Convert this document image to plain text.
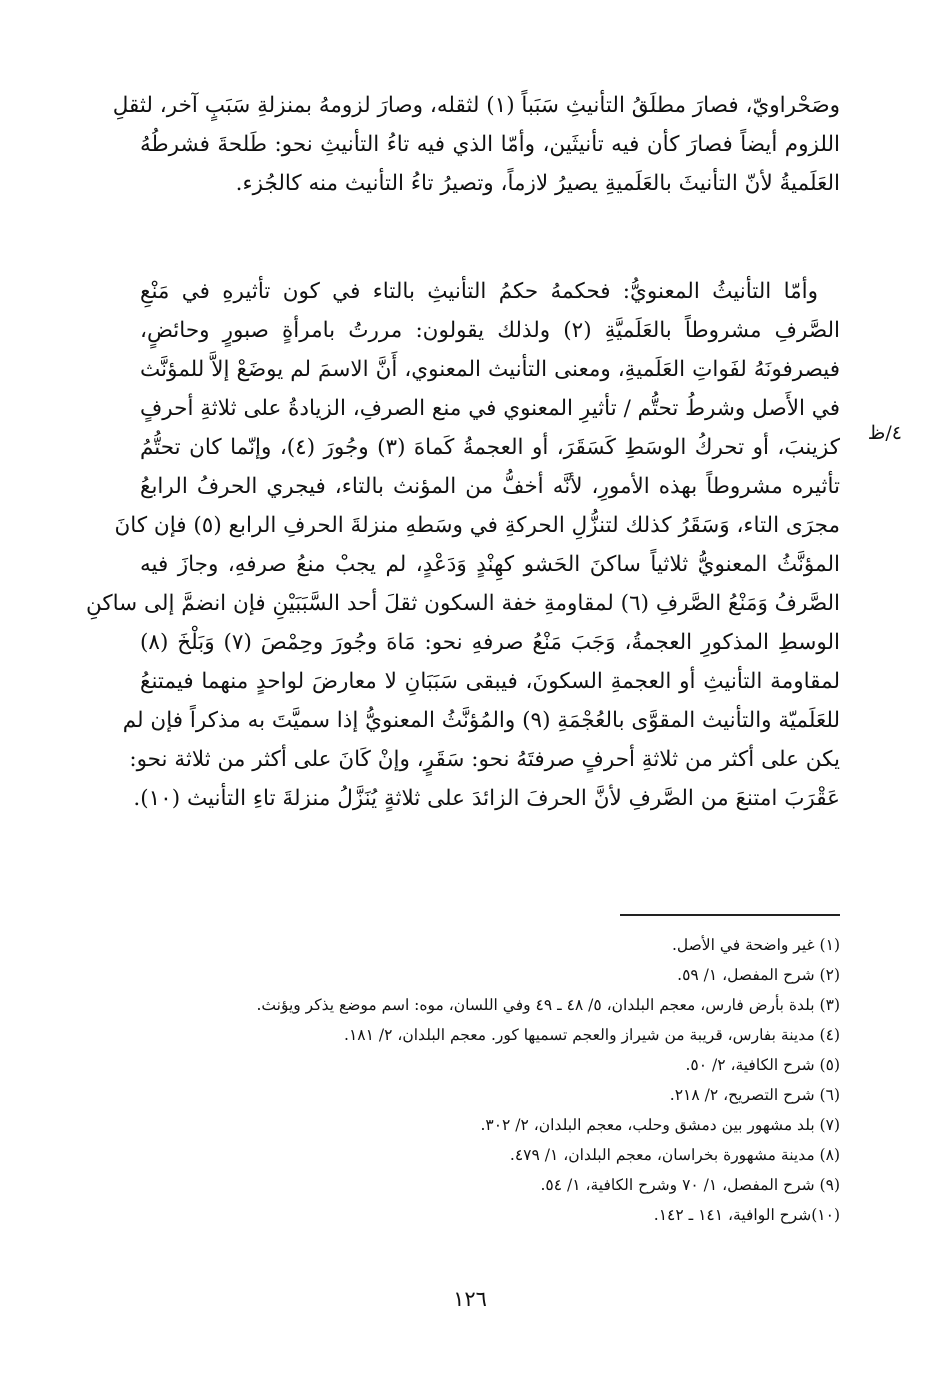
وصَحْراويّ، فصارَ مطلَقُ التأنيثِ سَبَباً (١) لثقله، وصارَ لزومهُ بمنزلةِ سَبَبٍ آخر، لثقلِ
اللزوم أيضاً فصارَ كأن فيه تأنيثَين، وأمّا الذي فيه تاءُ التأنيثِ نحو: طَلحةَ فشرطُهُ
العَلَميةُ لأنّ التأنيثَ بالعَلَميةِ يصيرُ لازماً، وتصيرُ تاءُ التأنيث منه كالجُزء.
وأمّا التأنيثُ المعنويُّ: فحكمهُ حكمُ التأنيثِ بالتاء في كون تأثيرهِ في مَنْعِ
الصَّرفِ مشروطاً بالعَلَميَّةِ (٢) ولذلك يقولون: مررتُ بامرأةٍ صبورٍ وحائضٍ،
فيصرفونَهُ لفَواتِ العَلَميةِ، ومعنى التأنيث المعنوي، أَنَّ الاسمَ لم يوضَعْ إلاَّ للمؤنَّث
في الأَصل وشرطُ تحتُّم / تأثيرِ المعنوي في منع الصرفِ، الزيادةُ على ثلاثةِ أحرفٍ
كزينبَ، أو تحركُ الوسَطِ كَسَقَرَ، أو العجمةُ كَماهَ (٣) وجُورَ (٤)، وإنّما كان تحتُّمُ
تأثيره مشروطاً بهذه الأمورِ، لأنَّه أخفُّ من المؤنث بالتاء، فيجري الحرفُ الرابعُ
مجرَى التاء، وَسَقَرُ كذلك لتنزُّلِ الحركةِ في وسَطهِ منزلةَ الحرفِ الرابع (٥) فإن كانَ
المؤنَّثُ المعنويُّ ثلاثياً ساكنَ الحَشو كهِنْدٍ وَدَعْدٍ، لم يجبْ منعُ صرفهِ، وجازَ فيه
الصَّرفُ وَمَنْعُ الصَّرفِ (٦) لمقاومةِ خفة السكون ثقلَ أحد السَّبَبَيْنِ فإن انضمَّ إلى ساكنِ
الوسطِ المذكورِ العجمةُ، وَجَبَ مَنْعُ صرفهِ نحو: مَاهَ وجُورَ وحِمْصَ (٧) وَبَلْخَ (٨)
لمقاومة التأنيثِ أو العجمةِ السكونَ، فيبقى سَبَبَانِ لا معارضَ لواحدٍ منهما فيمتنعُ
للعَلَميّة والتأنيث المقوَّى بالعُجْمَةِ (٩) والمُؤنَّثُ المعنويُّ إذا سميَّتَ به مذكراً فإن لم
يكن على أكثر من ثلاثةِ أحرفٍ صرفتَهُ نحو: سَقَرٍ، وإنْ كَانَ على أكثر من ثلاثة نحو:
عَقْرَبَ امتنعَ من الصَّرفِ لأنَّ الحرفَ الزائدَ على ثلاثةٍ يُنَزَّلُ منزلةَ تاءِ التأنيث (١٠).
٤/ظ
(١) غير واضحة في الأصل.
(٢) شرح المفصل، ١/ ٥٩.
(٣) بلدة بأرض فارس، معجم البلدان، ٥/ ٤٨ ـ ٤٩ وفي اللسان، موه: اسم موضع يذكر ويؤنث.
(٤) مدينة بفارس، قريبة من شيراز والعجم تسميها كور. معجم البلدان، ٢/ ١٨١.
(٥) شرح الكافية، ٢/ ٥٠.
(٦) شرح التصريح، ٢/ ٢١٨.
(٧) بلد مشهور بين دمشق وحلب، معجم البلدان، ٢/ ٣٠٢.
(٨) مدينة مشهورة بخراسان، معجم البلدان، ١/ ٤٧٩.
(٩) شرح المفصل، ١/ ٧٠ وشرح الكافية، ١/ ٥٤.
(١٠)شرح الوافية، ١٤١ ـ ١٤٢.
١٢٦
